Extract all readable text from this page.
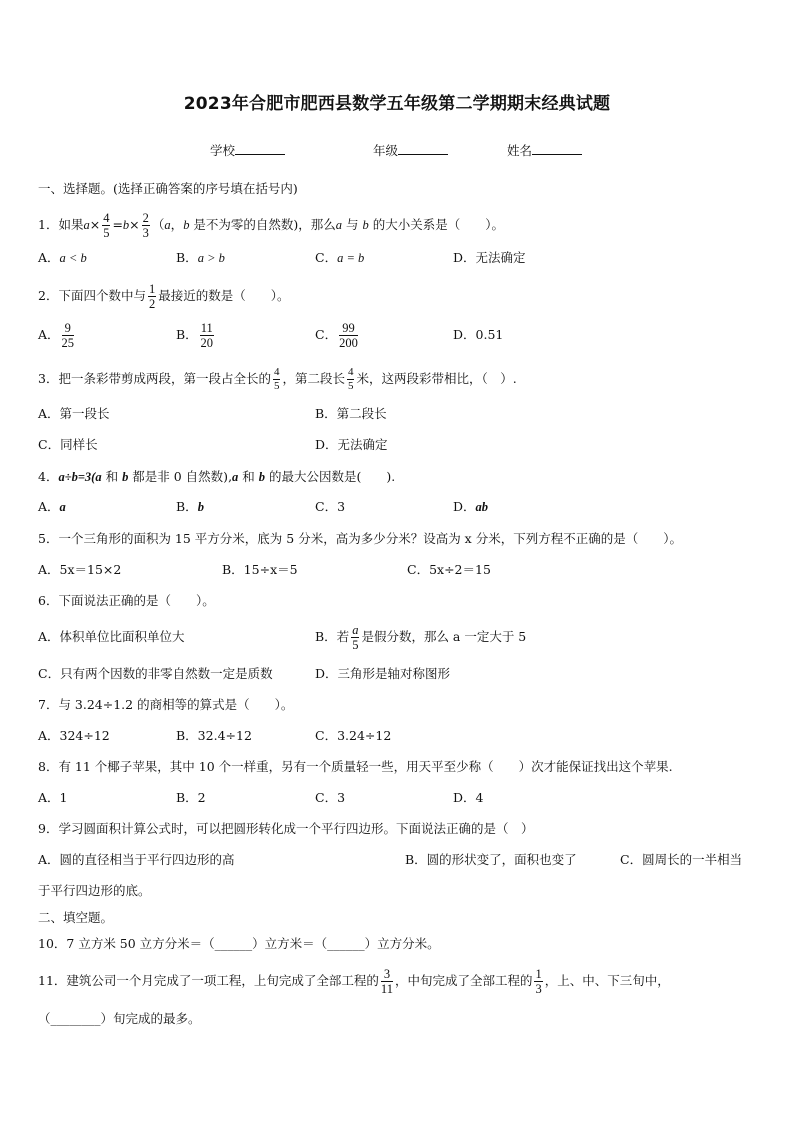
2023年合肥市肥西县数学五年级第二学期期末经典试题
学校	年级	姓名
一、选择题。(选择正确答案的序号填在括号内)
1．如果$a\times \frac{4}{5} =b\times \frac{2}{3} (a$，b 是不为零的自然数)，那么a 与 b 的大小关系是（　　）。
A．a < b	B．a > b	C．a = b	D．无法确定
2．下面四个数中与 $\frac{1}{2}$ 最接近的数是（　　）。
A． $\frac{9}{25}$	B． $\frac{11}{20}$	C． $\frac{99}{200}$	D．0.51
3．把一条彩带剪成两段，第一段占全长的 $\frac{4}{5}$ ，第二段长 $\frac{4}{5}$ 米，这两段彩带相比，（　）.
A．第一段长	B．第二段长
C．同样长	D．无法确定
4．a÷b=3(a 和 b 都是非 0 自然数),a 和 b 的最大公因数是(　　).
A．a	B．b	C．3	D．ab
5．一个三角形的面积为 15 平方分米，底为 5 分米，高为多少分米？设高为 x 分米，下列方程不正确的是（　　）。
A．5x＝15×2	B．15÷x＝5	C．5x÷2＝15
6．下面说法正确的是（　　）。
A．体积单位比面积单位大	B．若 $\frac{a}{5}$ 是假分数，那么 a 一定大于 5
C．只有两个因数的非零自然数一定是质数	D．三角形是轴对称图形
7．与 3.24÷1.2 的商相等的算式是（　　）。
A．324÷12	B．32.4÷12	C．3.24÷12
8．有 11 个椰子苹果，其中 10 个一样重，另有一个质量轻一些，用天平至少称（　　）次才能保证找出这个苹果.
A．1	B．2	C．3	D．4
9．学习圆面积计算公式时，可以把圆形转化成一个平行四边形。下面说法正确的是（　）
A．圆的直径相当于平行四边形的高	B．圆的形状变了，面积也变了	C．圆周长的一半相当
于平行四边形的底。
二、填空题。
10．7 立方米 50 立方分米＝（______）立方米＝（______）立方分米。
11．建筑公司一个月完成了一项工程，上旬完成了全部工程的 $\frac{3}{11}$ ，中旬完成了全部工程的 $\frac{1}{3}$ ，上、中、下三旬中，
（________）旬完成的最多。
